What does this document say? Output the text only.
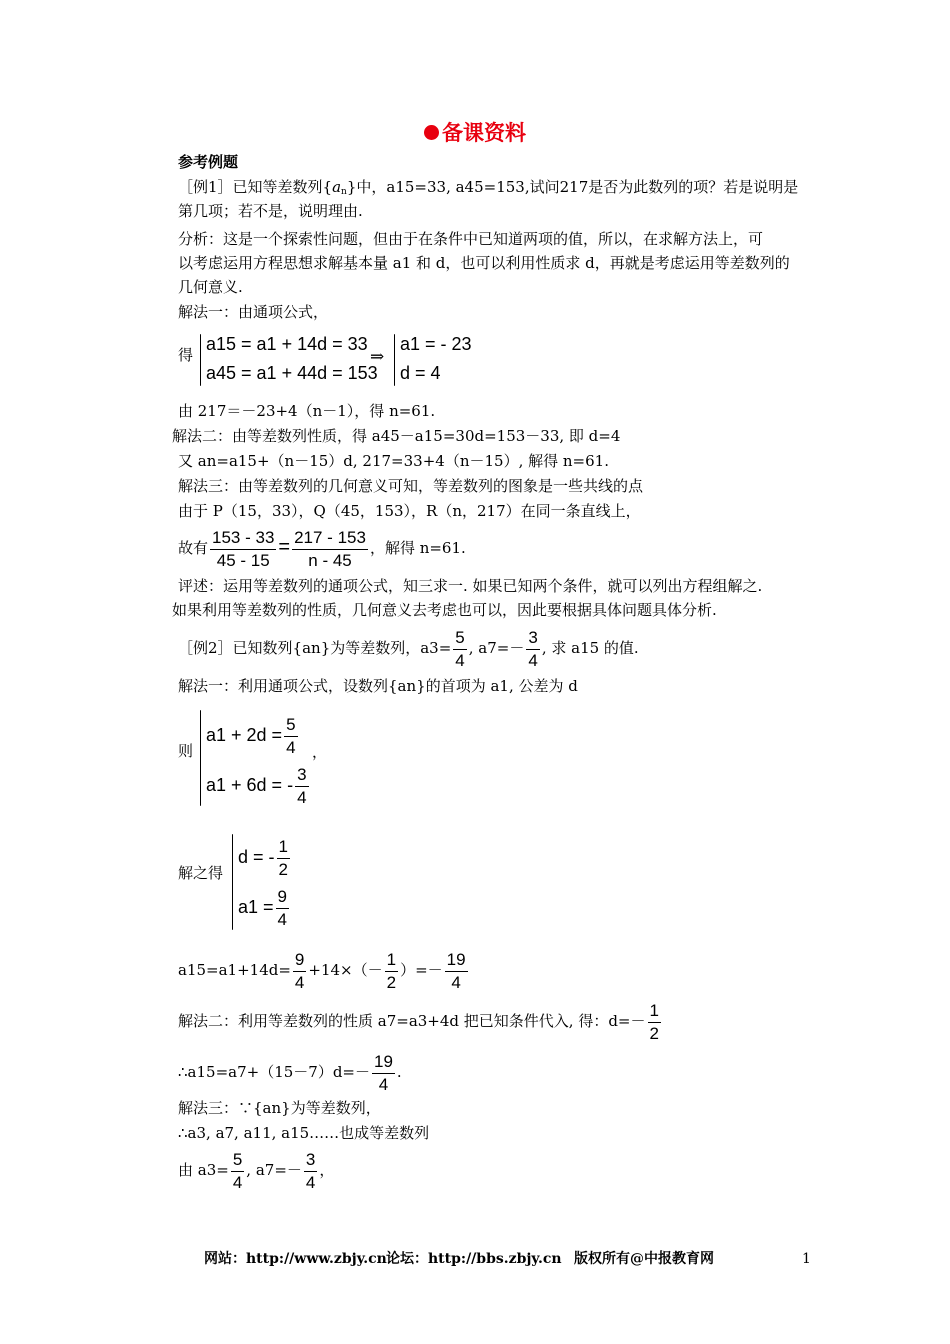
备课资料
参考例题
［例1］已知等差数列$\{a_n\}$中，a15=33, a45=153,试问217是否为此数列的项？若是说明是
第几项；若不是，说明理由.
分析：这是一个探索性问题，但由于在条件中已知道两项的值，所以，在求解方法上，可
以考虑运用方程思想求解基本量 a1 和 d，也可以利用性质求 d，再就是考虑运用等差数列的
几何意义.
解法一：由通项公式，
得
a15 = a1 + 14d = 33
a45 = a1 + 44d = 153
⇒
a1 = - 23
d = 4
由 217＝－23+4（n－1），得 n=61.
解法二：由等差数列性质，得 a45－a15=30d=153－33, 即 d=4
又 an=a15+（n－15）d, 217=33+4（n－15）, 解得 n=61.
解法三：由等差数列的几何意义可知，等差数列的图象是一些共线的点
由于 P（15，33），Q（45，153），R（n，217）在同一条直线上，
故有 $\frac{153 - 33}{45 - 15} = \frac{217 - 153}{n - 45}$ ，解得 n=61.
评述：运用等差数列的通项公式，知三求一. 如果已知两个条件，就可以列出方程组解之.
如果利用等差数列的性质，几何意义去考虑也可以，因此要根据具体问题具体分析.
［例2］已知数列{an}为等差数列，$a3= \frac{5}{4}$ , $a7=- \frac{3}{4}$ , 求 a15 的值.
解法一：利用通项公式，设数列{an}的首项为 a1, 公差为 d
则
$a1 + 2d = \frac{5}{4}$
a1 + 6d = - $\frac{3}{4}$
，
解之得
d = - $\frac{1}{2}$
$a1 = \frac{9}{4}$
$a15=a1+14d= \frac{9}{4} +14\times(- \frac{1}{2}$ ）=－ $\frac{19}{4}$
解法二：利用等差数列的性质 a7=a3+4d 把已知条件代入, 得：$d=- \frac{1}{2}$
∴a15=a7+（15－7）d=－ $\frac{19}{4}$ .
解法三：∵{an}为等差数列，
∴a3, a7, a11, a15……也成等差数列
由 $a3= \frac{5}{4}$ , $a7=- \frac{3}{4}$ ，
网站：http://www.zbjy.cn 论坛：http://bbs.zbjy.cn 版权所有@中报教育网	1
